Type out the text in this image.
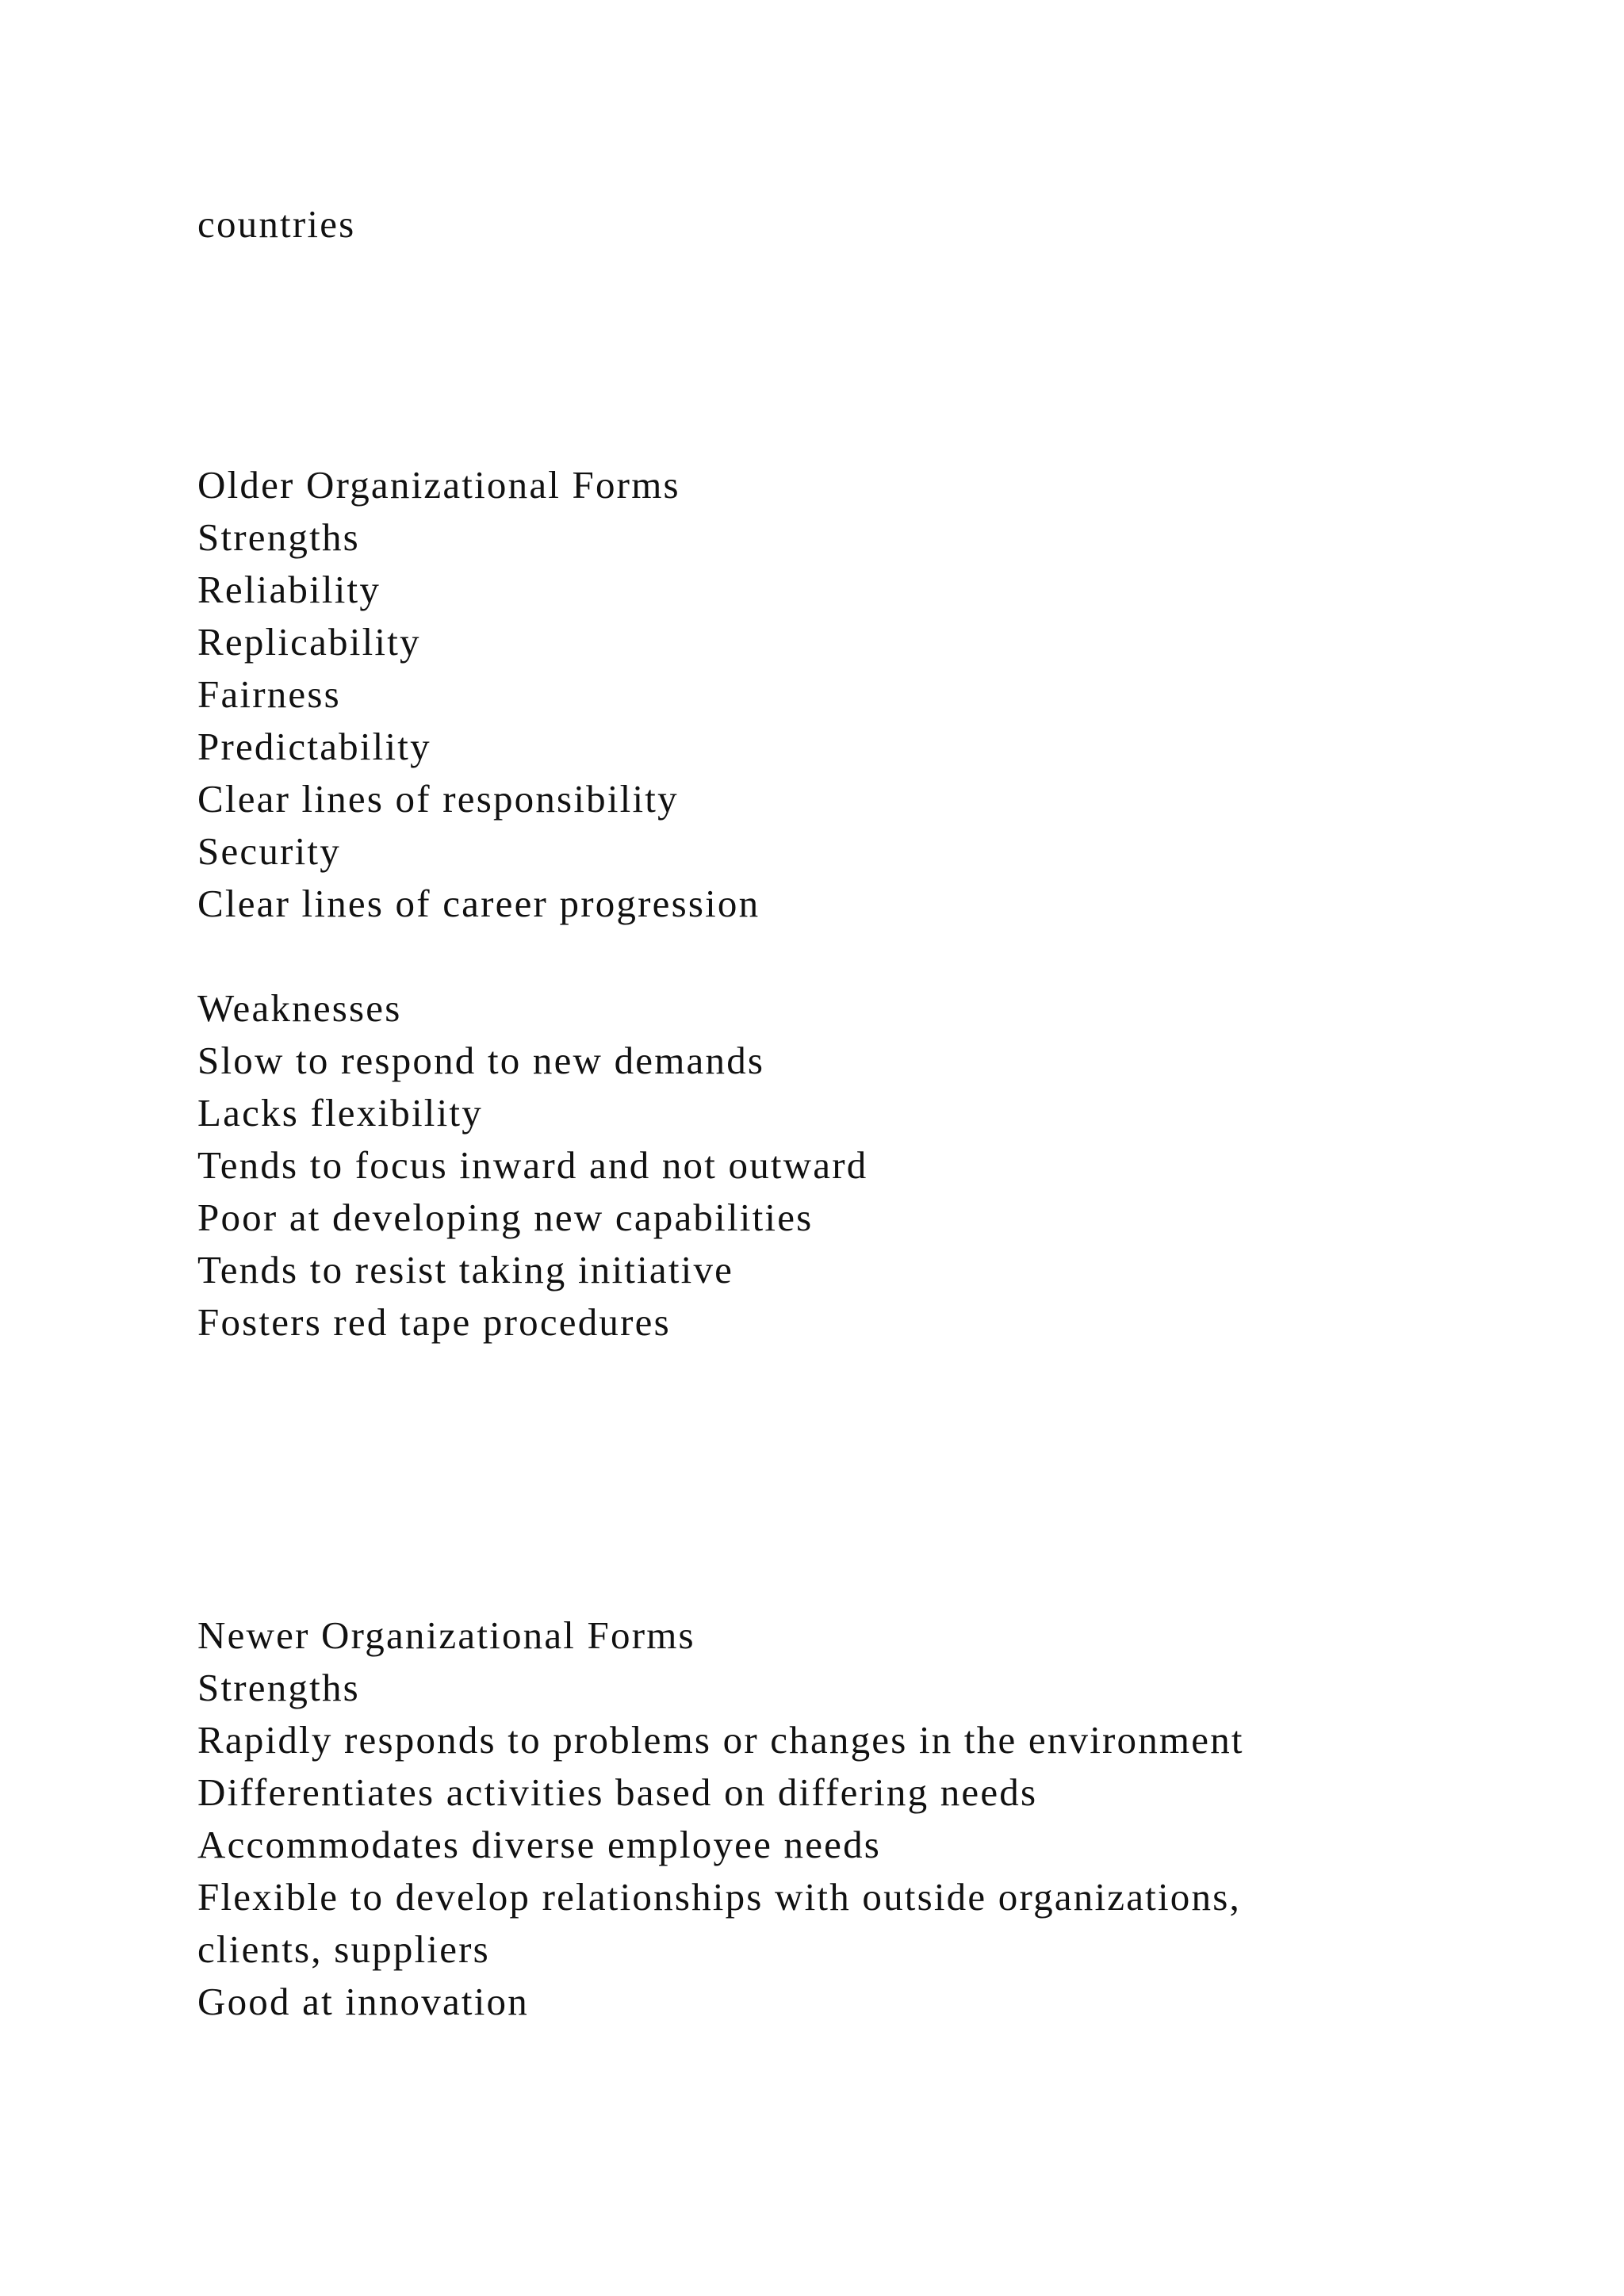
countries

Older Organizational Forms

Strengths

Reliability

Replicability

Fairness

Predictability

Clear lines of responsibility

Security

Clear lines of career progression

Weaknesses

Slow to respond to new demands

Lacks flexibility

Tends to focus inward and not outward

Poor at developing new capabilities

Tends to resist taking initiative

Fosters red tape procedures

Newer Organizational Forms

Strengths

Rapidly responds to problems or changes in the environment

Differentiates activities based on differing needs

Accommodates diverse employee needs

Flexible to develop relationships with outside organizations,

clients, suppliers

Good at innovation
